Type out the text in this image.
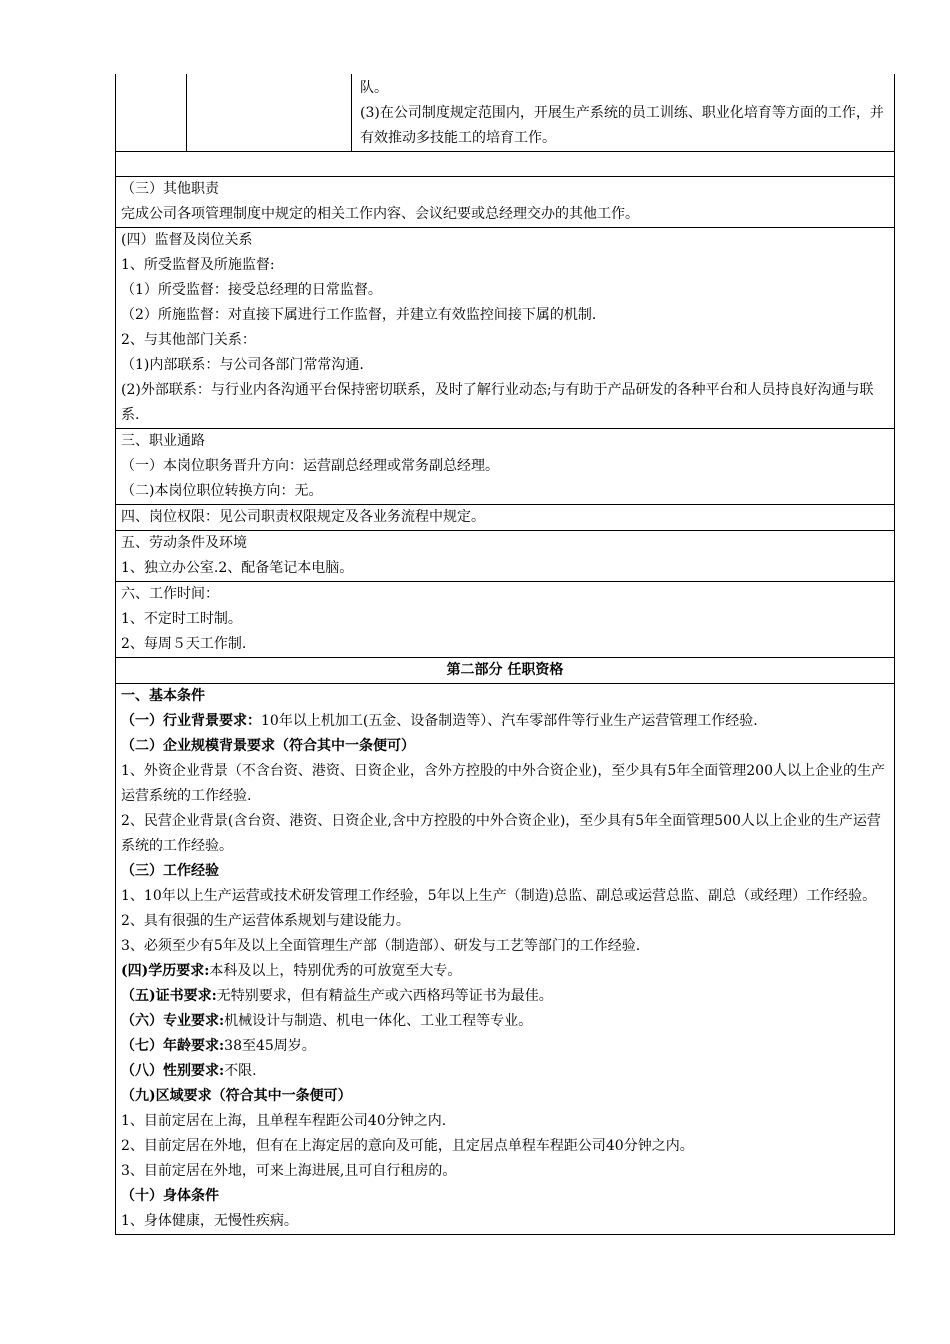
队。
(3)在公司制度规定范围内，开展生产系统的员工训练、职业化培育等方面的工作，并有效推动多技能工的培育工作。
（三）其他职责
完成公司各项管理制度中规定的相关工作内容、会议纪要或总经理交办的其他工作。
(四）监督及岗位关系
1、所受监督及所施监督:
（1）所受监督：接受总经理的日常监督。
（2）所施监督：对直接下属进行工作监督，并建立有效监控间接下属的机制.
2、与其他部门关系：
（1)内部联系：与公司各部门常常沟通.
(2)外部联系：与行业内各沟通平台保持密切联系，及时了解行业动态;与有助于产品研发的各种平台和人员持良好沟通与联系.
三、职业通路
（一）本岗位职务晋升方向：运营副总经理或常务副总经理。
（二)本岗位职位转换方向：无。
四、岗位权限：见公司职责权限规定及各业务流程中规定。
五、劳动条件及环境
1、独立办公室.2、配备笔记本电脑。
六、工作时间：
1、不定时工时制。
2、每周５天工作制.
第二部分 任职资格
一、基本条件
（一）行业背景要求：10年以上机加工(五金、设备制造等）、汽车零部件等行业生产运营管理工作经验.
（二）企业规模背景要求（符合其中一条便可）
1、外资企业背景（不含台资、港资、日资企业，含外方控股的中外合资企业)，至少具有5年全面管理200人以上企业的生产运营系统的工作经验.
2、民营企业背景(含台资、港资、日资企业,含中方控股的中外合资企业)，至少具有5年全面管理500人以上企业的生产运营系统的工作经验。
（三）工作经验
1、10年以上生产运营或技术研发管理工作经验，5年以上生产（制造)总监、副总或运营总监、副总（或经理）工作经验。
2、具有很强的生产运营体系规划与建设能力。
3、必须至少有5年及以上全面管理生产部（制造部）、研发与工艺等部门的工作经验.
(四)学历要求:本科及以上，特别优秀的可放宽至大专。
（五)证书要求:无特别要求，但有精益生产或六西格玛等证书为最佳。
（六）专业要求:机械设计与制造、机电一体化、工业工程等专业。
（七）年龄要求:38至45周岁。
（八）性别要求:不限.
（九)区域要求（符合其中一条便可）
1、目前定居在上海，且单程车程距公司40分钟之内.
2、目前定居在外地，但有在上海定居的意向及可能，且定居点单程车程距公司40分钟之内。
3、目前定居在外地，可来上海进展,且可自行租房的。
（十）身体条件
1、身体健康，无慢性疾病。
